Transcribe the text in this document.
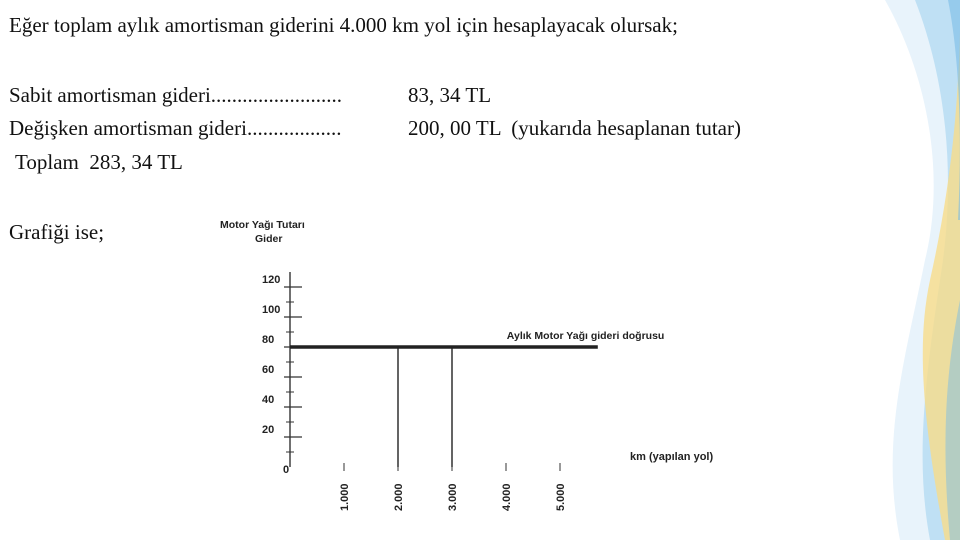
Eğer toplam aylık amortisman giderini 4.000 km yol için hesaplayacak olursak;
Sabit amortisman gideri.........................	83, 34 TL
Değişken amortisman gideri..................	200, 00 TL  (yukarıda hesaplanan tutar)
Toplam  283, 34 TL
Grafiği ise;	Motor Yağı Tutarı
Gider
120
100
80
60
40
20
0
km (yapılan yol)
1.000	2.000	3.000	4.000	5.000
Aylık Motor Yağı gideri doğrusu
